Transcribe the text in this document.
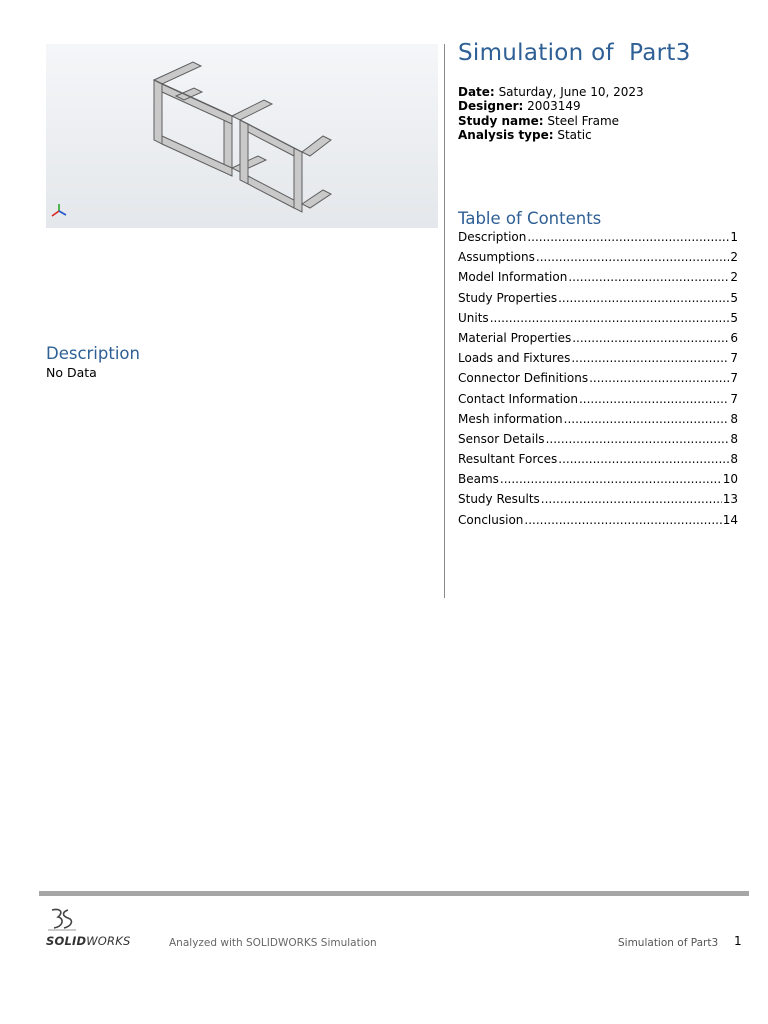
Simulation of  Part3
Date: Saturday, June 10, 2023
Designer: 2003149
Study name: Steel Frame
Analysis type: Static
Table of Contents
Description .....	1
Assumptions .....	2
Model Information .....	2
Study Properties .....	5
Units .....	5
Material Properties .....	6
Loads and Fixtures .....	7
Connector Definitions .....	7
Contact Information .....	7
Mesh information .....	8
Sensor Details .....	8
Resultant Forces .....	8
Beams .....	10
Study Results .....	13
Conclusion .....	14
Description
No Data
SOLIDWORKS	Analyzed with SOLIDWORKS Simulation	Simulation of Part3 1
